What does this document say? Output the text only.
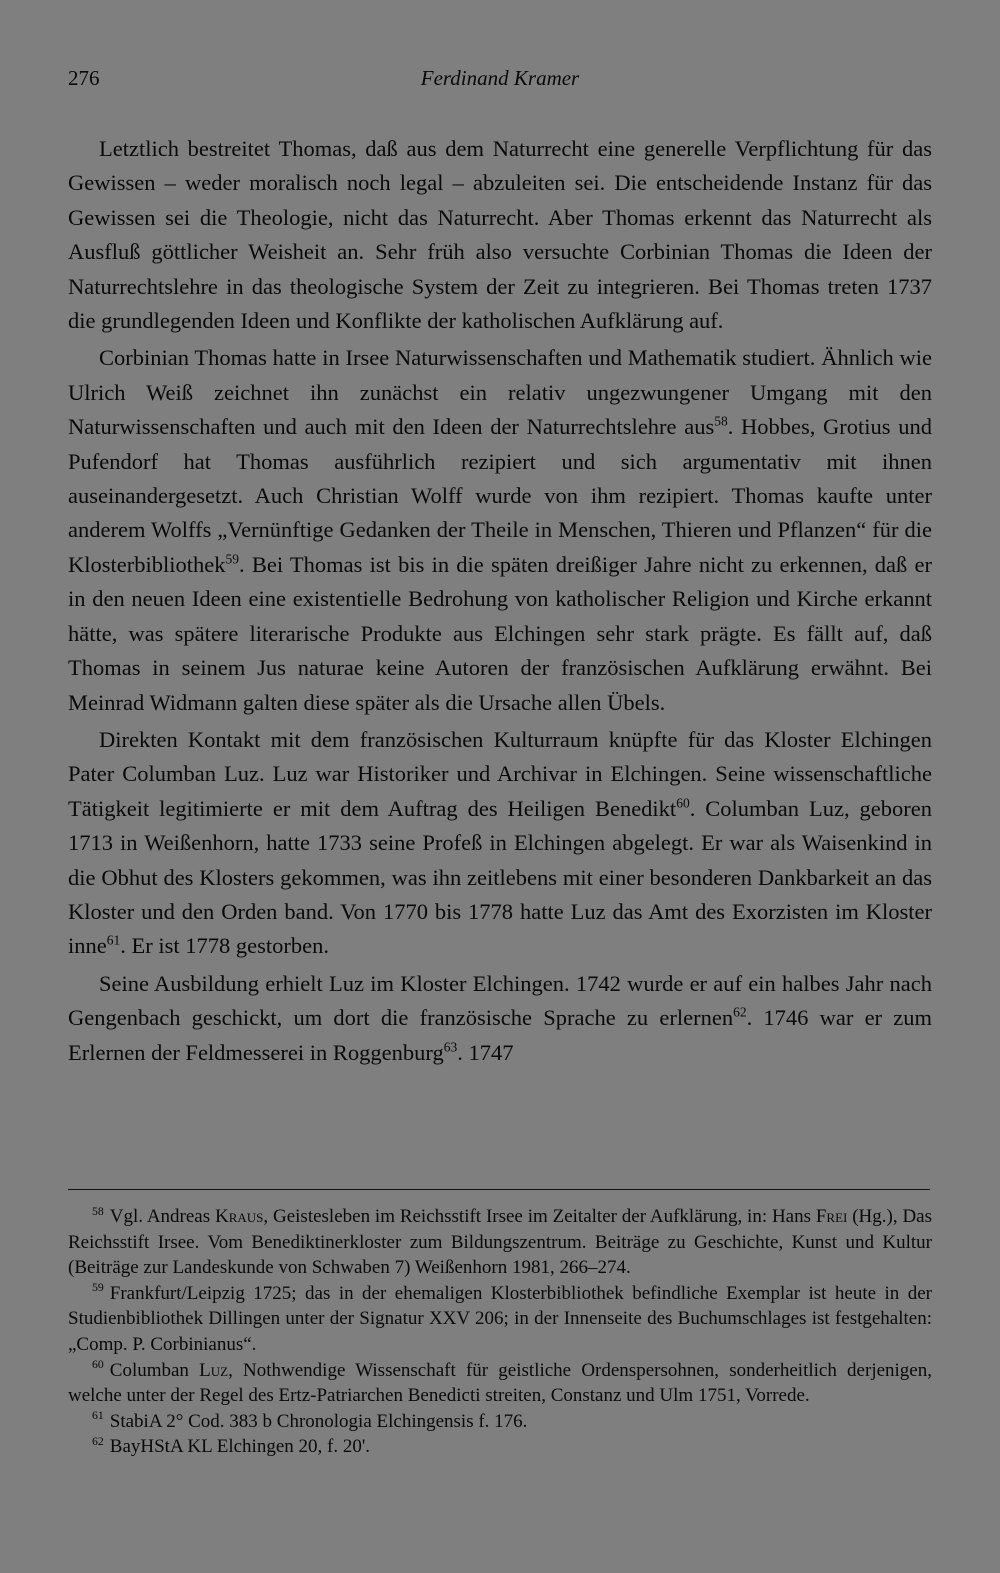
276	Ferdinand Kramer

Letztlich bestreitet Thomas, daß aus dem Naturrecht eine generelle Verpflichtung für das Gewissen – weder moralisch noch legal – abzuleiten sei. Die entscheidende Instanz für das Gewissen sei die Theologie, nicht das Naturrecht. Aber Thomas erkennt das Naturrecht als Ausfluß göttlicher Weisheit an. Sehr früh also versuchte Corbinian Thomas die Ideen der Naturrechtslehre in das theologische System der Zeit zu integrieren. Bei Thomas treten 1737 die grundlegenden Ideen und Konflikte der katholischen Aufklärung auf.

Corbinian Thomas hatte in Irsee Naturwissenschaften und Mathematik studiert. Ähnlich wie Ulrich Weiß zeichnet ihn zunächst ein relativ ungezwungener Umgang mit den Naturwissenschaften und auch mit den Ideen der Naturrechtslehre aus$^{58}$. Hobbes, Grotius und Pufendorf hat Thomas ausführlich rezipiert und sich argumentativ mit ihnen auseinandergesetzt. Auch Christian Wolff wurde von ihm rezipiert. Thomas kaufte unter anderem Wolffs „Vernünftige Gedanken der Theile in Menschen, Thieren und Pflanzen“ für die Klosterbibliothek$^{59}$. Bei Thomas ist bis in die späten dreißiger Jahre nicht zu erkennen, daß er in den neuen Ideen eine existentielle Bedrohung von katholischer Religion und Kirche erkannt hätte, was spätere literarische Produkte aus Elchingen sehr stark prägte. Es fällt auf, daß Thomas in seinem Jus naturae keine Autoren der französischen Aufklärung erwähnt. Bei Meinrad Widmann galten diese später als die Ursache allen Übels.

Direkten Kontakt mit dem französischen Kulturraum knüpfte für das Kloster Elchingen Pater Columban Luz. Luz war Historiker und Archivar in Elchingen. Seine wissenschaftliche Tätigkeit legitimierte er mit dem Auftrag des Heiligen Benedikt$^{60}$. Columban Luz, geboren 1713 in Weißenhorn, hatte 1733 seine Profeß in Elchingen abgelegt. Er war als Waisenkind in die Obhut des Klosters gekommen, was ihn zeitlebens mit einer besonderen Dankbarkeit an das Kloster und den Orden band. Von 1770 bis 1778 hatte Luz das Amt des Exorzisten im Kloster inne$^{61}$. Er ist 1778 gestorben.

Seine Ausbildung erhielt Luz im Kloster Elchingen. 1742 wurde er auf ein halbes Jahr nach Gengenbach geschickt, um dort die französische Sprache zu erlernen$^{62}$. 1746 war er zum Erlernen der Feldmesserei in Roggenburg$^{63}$. 1747

$^{58}$ Vgl. Andreas Kraus, Geistesleben im Reichsstift Irsee im Zeitalter der Aufklärung, in: Hans Frei (Hg.), Das Reichsstift Irsee. Vom Benediktinerkloster zum Bildungszentrum. Beiträge zu Geschichte, Kunst und Kultur (Beiträge zur Landeskunde von Schwaben 7) Weißenhorn 1981, 266–274.

$^{59}$ Frankfurt/Leipzig 1725; das in der ehemaligen Klosterbibliothek befindliche Exemplar ist heute in der Studienbibliothek Dillingen unter der Signatur XXV 206; in der Innenseite des Buchumschlages ist festgehalten: „Comp. P. Corbinianus“.

$^{60}$ Columban Luz, Nothwendige Wissenschaft für geistliche Ordenspersohnen, sonderheitlich derjenigen, welche unter der Regel des Ertz-Patriarchen Benedicti streiten, Constanz und Ulm 1751, Vorrede.

$^{61}$ StabiA 2° Cod. 383 b Chronologia Elchingensis f. 176.

$^{62}$ BayHStA KL Elchingen 20, f. 20'.
